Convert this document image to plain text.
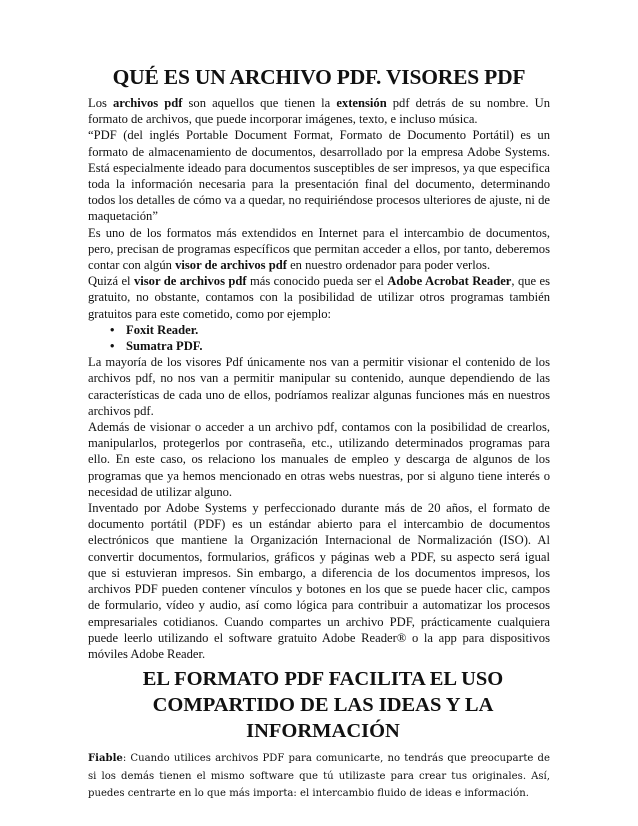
QUÉ ES UN ARCHIVO PDF. VISORES PDF

Los archivos pdf son aquellos que tienen la extensión pdf detrás de su nombre. Un formato de archivos, que puede incorporar imágenes, texto, e incluso música.

“PDF (del inglés Portable Document Format, Formato de Documento Portátil) es un formato de almacenamiento de documentos, desarrollado por la empresa Adobe Systems. Está especialmente ideado para documentos susceptibles de ser impresos, ya que especifica toda la información necesaria para la presentación final del documento, determinando todos los detalles de cómo va a quedar, no requiriéndose procesos ulteriores de ajuste, ni de maquetación”

Es uno de los formatos más extendidos en Internet para el intercambio de documentos, pero, precisan de programas específicos que permitan acceder a ellos, por tanto, deberemos contar con algún visor de archivos pdf en nuestro ordenador para poder verlos.

Quizá el visor de archivos pdf más conocido pueda ser el Adobe Acrobat Reader, que es gratuito, no obstante, contamos con la posibilidad de utilizar otros programas también gratuitos para este cometido, como por ejemplo:

• Foxit Reader.
• Sumatra PDF.

La mayoría de los visores Pdf únicamente nos van a permitir visionar el contenido de los archivos pdf, no nos van a permitir manipular su contenido, aunque dependiendo de las características de cada uno de ellos, podríamos realizar algunas funciones más en nuestros archivos pdf.

Además de visionar o acceder a un archivo pdf, contamos con la posibilidad de crearlos, manipularlos, protegerlos por contraseña, etc., utilizando determinados programas para ello. En este caso, os relaciono los manuales de empleo y descarga de algunos de los programas que ya hemos mencionado en otras webs nuestras, por si alguno tiene interés o necesidad de utilizar alguno.

Inventado por Adobe Systems y perfeccionado durante más de 20 años, el formato de documento portátil (PDF) es un estándar abierto para el intercambio de documentos electrónicos que mantiene la Organización Internacional de Normalización (ISO). Al convertir documentos, formularios, gráficos y páginas web a PDF, su aspecto será igual que si estuvieran impresos. Sin embargo, a diferencia de los documentos impresos, los archivos PDF pueden contener vínculos y botones en los que se puede hacer clic, campos de formulario, vídeo y audio, así como lógica para contribuir a automatizar los procesos empresariales cotidianos. Cuando compartes un archivo PDF, prácticamente cualquiera puede leerlo utilizando el software gratuito Adobe Reader® o la app para dispositivos móviles Adobe Reader.

EL FORMATO PDF FACILITA EL USO COMPARTIDO DE LAS IDEAS Y LA INFORMACIÓN

Fiable: Cuando utilices archivos PDF para comunicarte, no tendrás que preocuparte de si los demás tienen el mismo software que tú utilizaste para crear tus originales. Así, puedes centrarte en lo que más importa: el intercambio fluido de ideas e información.
